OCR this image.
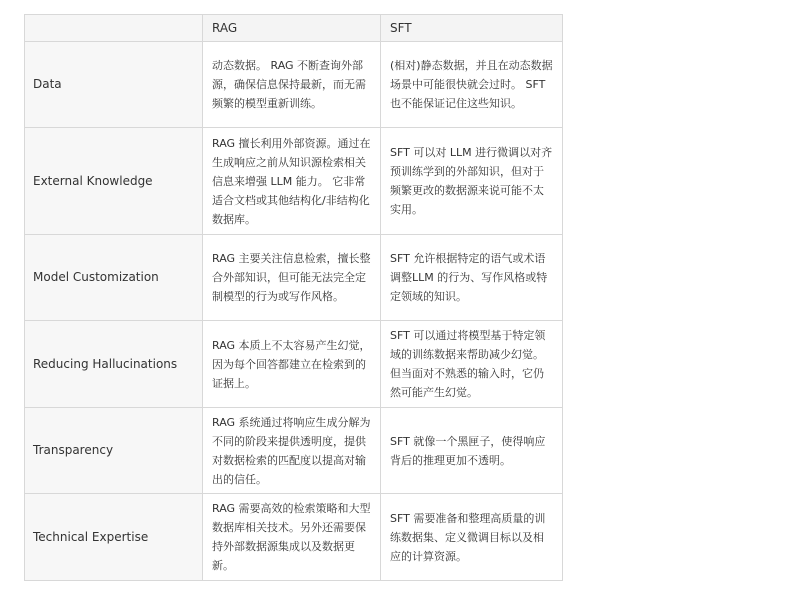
	RAG	SFT
Data	动态数据。 RAG 不断查询外部源，确保信息保持最新，而无需频繁的模型重新训练。	(相对)静态数据，并且在动态数据场景中可能很快就会过时。 SFT 也不能保证记住这些知识。
External Knowledge	RAG 擅长利用外部资源。通过在生成响应之前从知识源检索相关信息来增强 LLM 能力。 它非常适合文档或其他结构化/非结构化数据库。	SFT 可以对 LLM 进行微调以对齐预训练学到的外部知识，但对于频繁更改的数据源来说可能不太实用。
Model Customization	RAG 主要关注信息检索，擅长整合外部知识，但可能无法完全定制模型的行为或写作风格。	SFT 允许根据特定的语气或术语调整LLM 的行为、写作风格或特定领域的知识。
Reducing Hallucinations	RAG 本质上不太容易产生幻觉，因为每个回答都建立在检索到的证据上。	SFT 可以通过将模型基于特定领域的训练数据来帮助减少幻觉。 但当面对不熟悉的输入时，它仍然可能产生幻觉。
Transparency	RAG 系统通过将响应生成分解为不同的阶段来提供透明度，提供对数据检索的匹配度以提高对输出的信任。	SFT 就像一个黑匣子，使得响应背后的推理更加不透明。
Technical Expertise	RAG 需要高效的检索策略和大型数据库相关技术。另外还需要保持外部数据源集成以及数据更新。	SFT 需要准备和整理高质量的训练数据集、定义微调目标以及相应的计算资源。
